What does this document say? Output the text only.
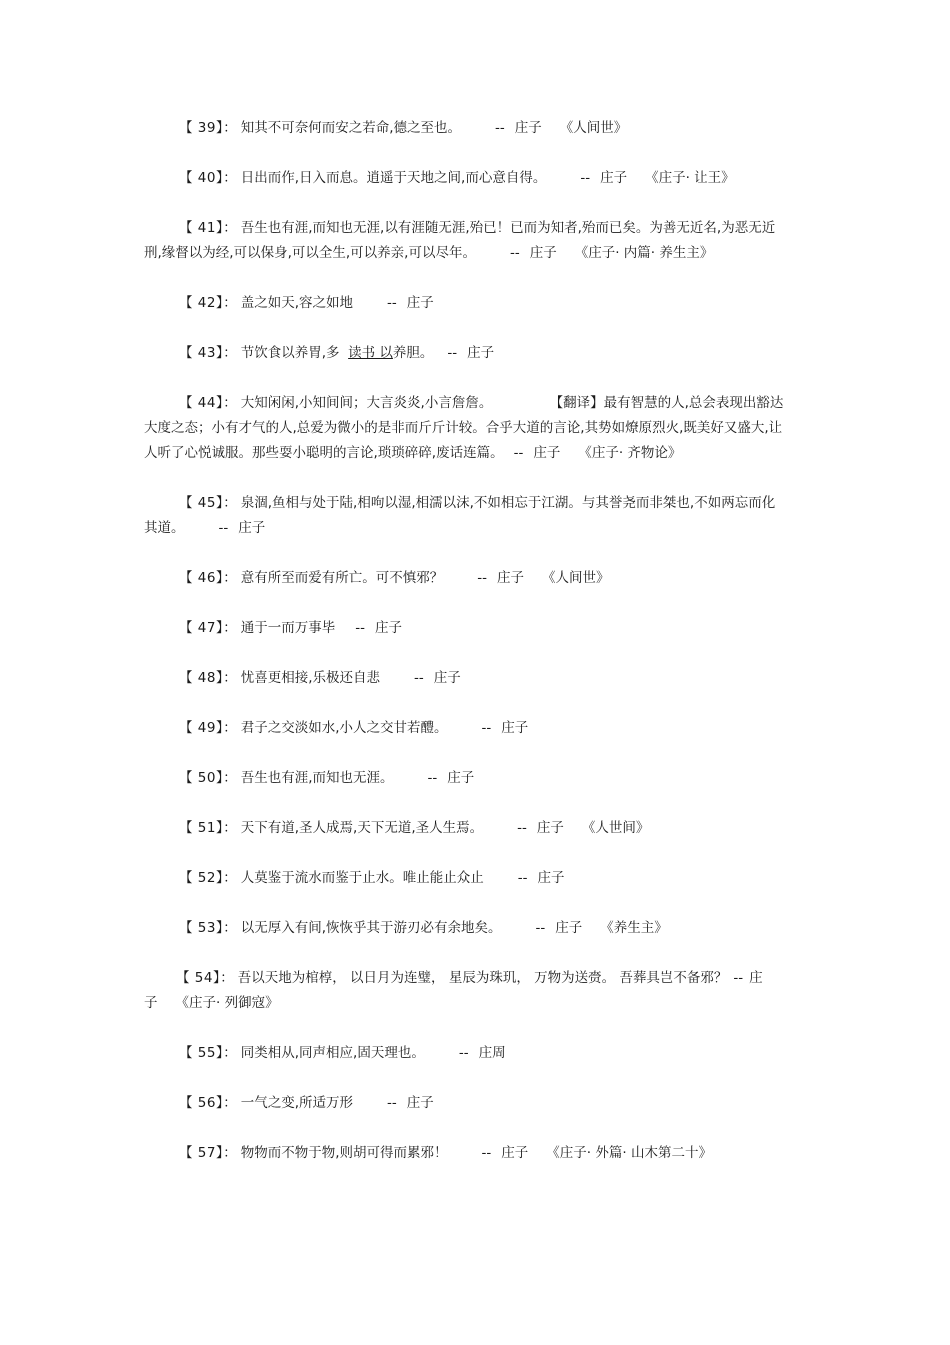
【 39】： 知其不可奈何而安之若命,德之至也。	-- 庄子 《人间世》

【 40】： 日出而作,日入而息。逍遥于天地之间,而心意自得。	-- 庄子 《庄子· 让王》

【 41】： 吾生也有涯,而知也无涯,以有涯随无涯,殆已！已而为知者,殆而已矣。为善无近名,为恶无近刑,缘督以为经,可以保身,可以全生,可以养亲,可以尽年。	-- 庄子 《庄子· 内篇· 养生主》

【 42】： 盖之如天,容之如地	-- 庄子

【 43】： 节饮食以养胃,多 读书 以养胆。 -- 庄子

【 44】： 大知闲闲,小知间间；大言炎炎,小言詹詹。	【翻译】最有智慧的人,总会表现出豁达大度之态；小有才气的人,总爱为微小的是非而斤斤计较。合乎大道的言论,其势如燎原烈火,既美好又盛大,让人听了心悦诚服。那些耍小聪明的言论,琐琐碎碎,废话连篇。 -- 庄子 《庄子· 齐物论》

【 45】： 泉涸,鱼相与处于陆,相呴以湿,相濡以沫,不如相忘于江湖。与其誉尧而非桀也,不如两忘而化其道。	-- 庄子

【 46】： 意有所至而爱有所亡。可不慎邪？	-- 庄子 《人间世》

【 47】： 通于一而万事毕 -- 庄子

【 48】： 忧喜更相接,乐极还自悲	-- 庄子

【 49】： 君子之交淡如水,小人之交甘若醴。	-- 庄子

【 50】： 吾生也有涯,而知也无涯。	-- 庄子

【 51】： 天下有道,圣人成焉,天下无道,圣人生焉。	-- 庄子 《人世间》

【 52】： 人莫鉴于流水而鉴于止水。唯止能止众止	-- 庄子

【 53】： 以无厚入有间,恢恢乎其于游刃必有余地矣。	-- 庄子 《养生主》

【 54】： 吾以天地为棺椁， 以日月为连璧， 星辰为珠玑， 万物为送赍。 吾葬具岂不备邪？ -- 庄子 《庄子· 列御寇》

【 55】： 同类相从,同声相应,固天理也。	-- 庄周

【 56】： 一气之变,所适万形	-- 庄子

【 57】： 物物而不物于物,则胡可得而累邪！	-- 庄子 《庄子· 外篇· 山木第二十》
